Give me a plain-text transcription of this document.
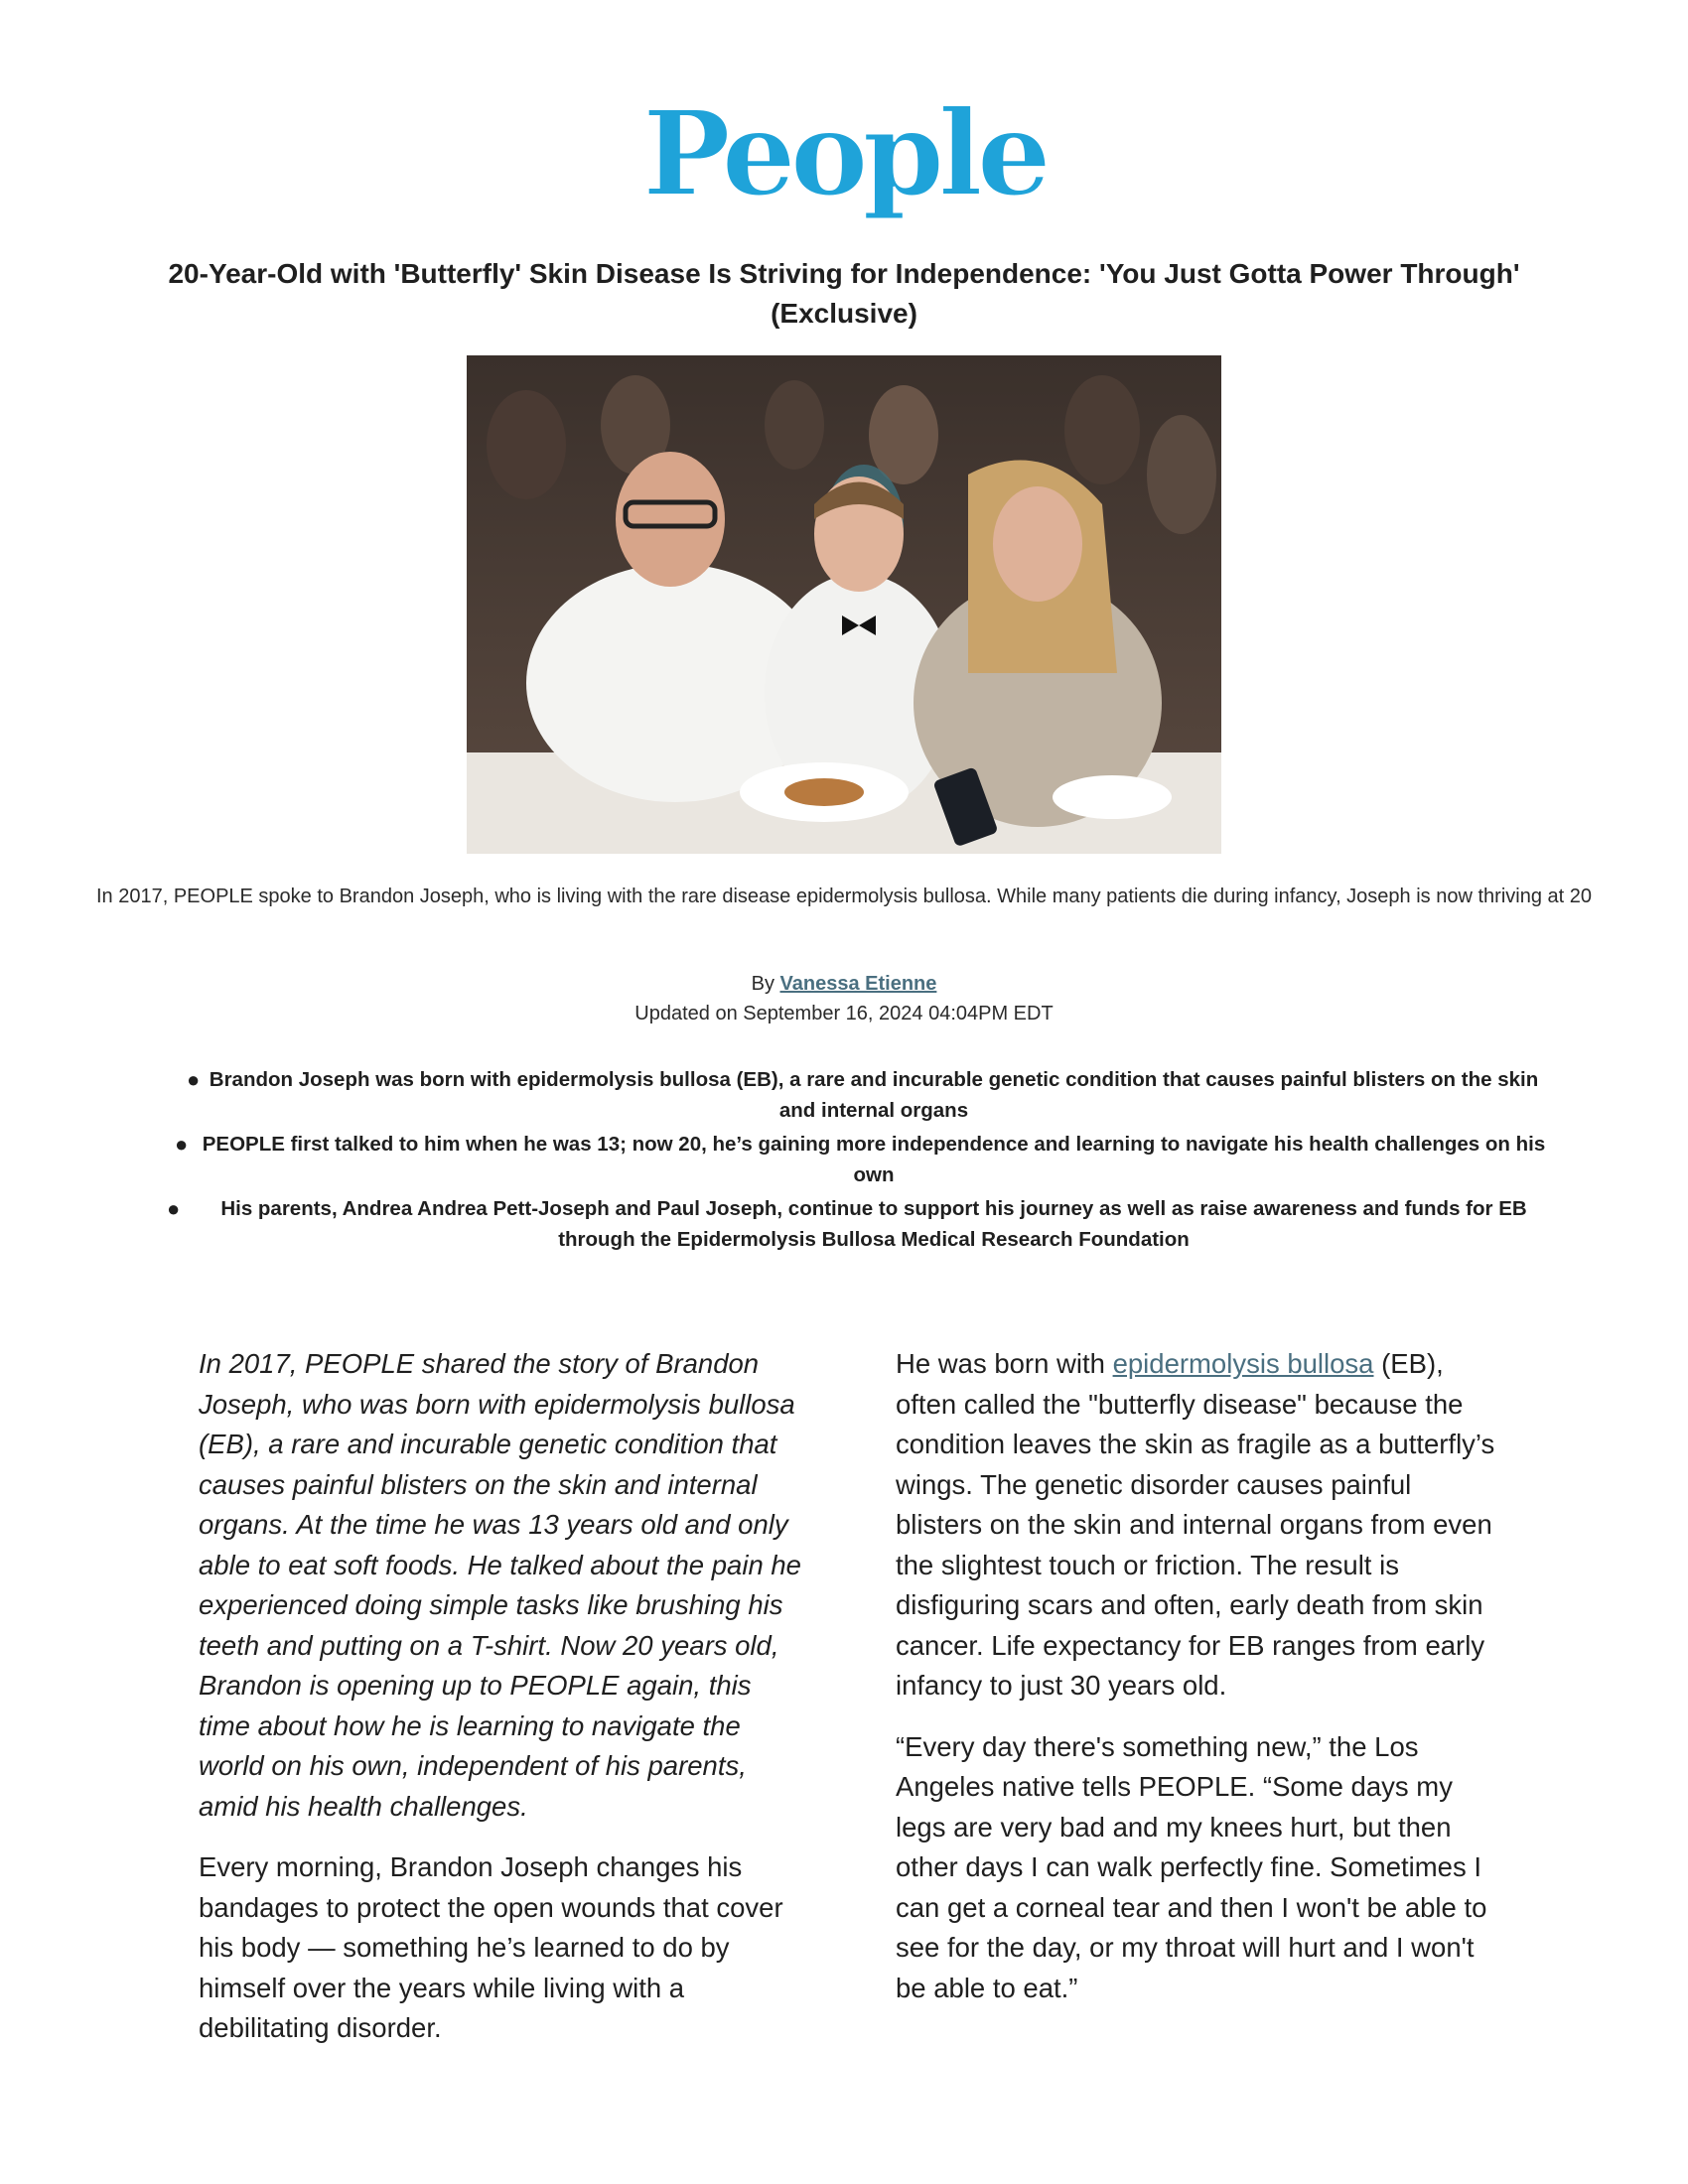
People
20-Year-Old with 'Butterfly' Skin Disease Is Striving for Independence: 'You Just Gotta Power Through' (Exclusive)
In 2017, PEOPLE spoke to Brandon Joseph, who is living with the rare disease epidermolysis bullosa. While many patients die during infancy, Joseph is now thriving at 20
By Vanessa Etienne
Updated on September 16, 2024 04:04PM EDT
● Brandon Joseph was born with epidermolysis bullosa (EB), a rare and incurable genetic condition that causes painful blisters on the skin and internal organs
● PEOPLE first talked to him when he was 13; now 20, he’s gaining more independence and learning to navigate his health challenges on his own
● His parents, Andrea Andrea Pett-Joseph and Paul Joseph, continue to support his journey as well as raise awareness and funds for EB through the Epidermolysis Bullosa Medical Research Foundation

In 2017, PEOPLE shared the story of Brandon Joseph, who was born with epidermolysis bullosa (EB), a rare and incurable genetic condition that causes painful blisters on the skin and internal organs. At the time he was 13 years old and only able to eat soft foods. He talked about the pain he experienced doing simple tasks like brushing his teeth and putting on a T-shirt. Now 20 years old, Brandon is opening up to PEOPLE again, this time about how he is learning to navigate the world on his own, independent of his parents, amid his health challenges.

Every morning, Brandon Joseph changes his bandages to protect the open wounds that cover his body — something he’s learned to do by himself over the years while living with a debilitating disorder.

He was born with epidermolysis bullosa (EB), often called the "butterfly disease" because the condition leaves the skin as fragile as a butterfly’s wings. The genetic disorder causes painful blisters on the skin and internal organs from even the slightest touch or friction. The result is disfiguring scars and often, early death from skin cancer. Life expectancy for EB ranges from early infancy to just 30 years old.

“Every day there's something new,” the Los Angeles native tells PEOPLE. “Some days my legs are very bad and my knees hurt, but then other days I can walk perfectly fine. Sometimes I can get a corneal tear and then I won't be able to see for the day, or my throat will hurt and I won't be able to eat.”
